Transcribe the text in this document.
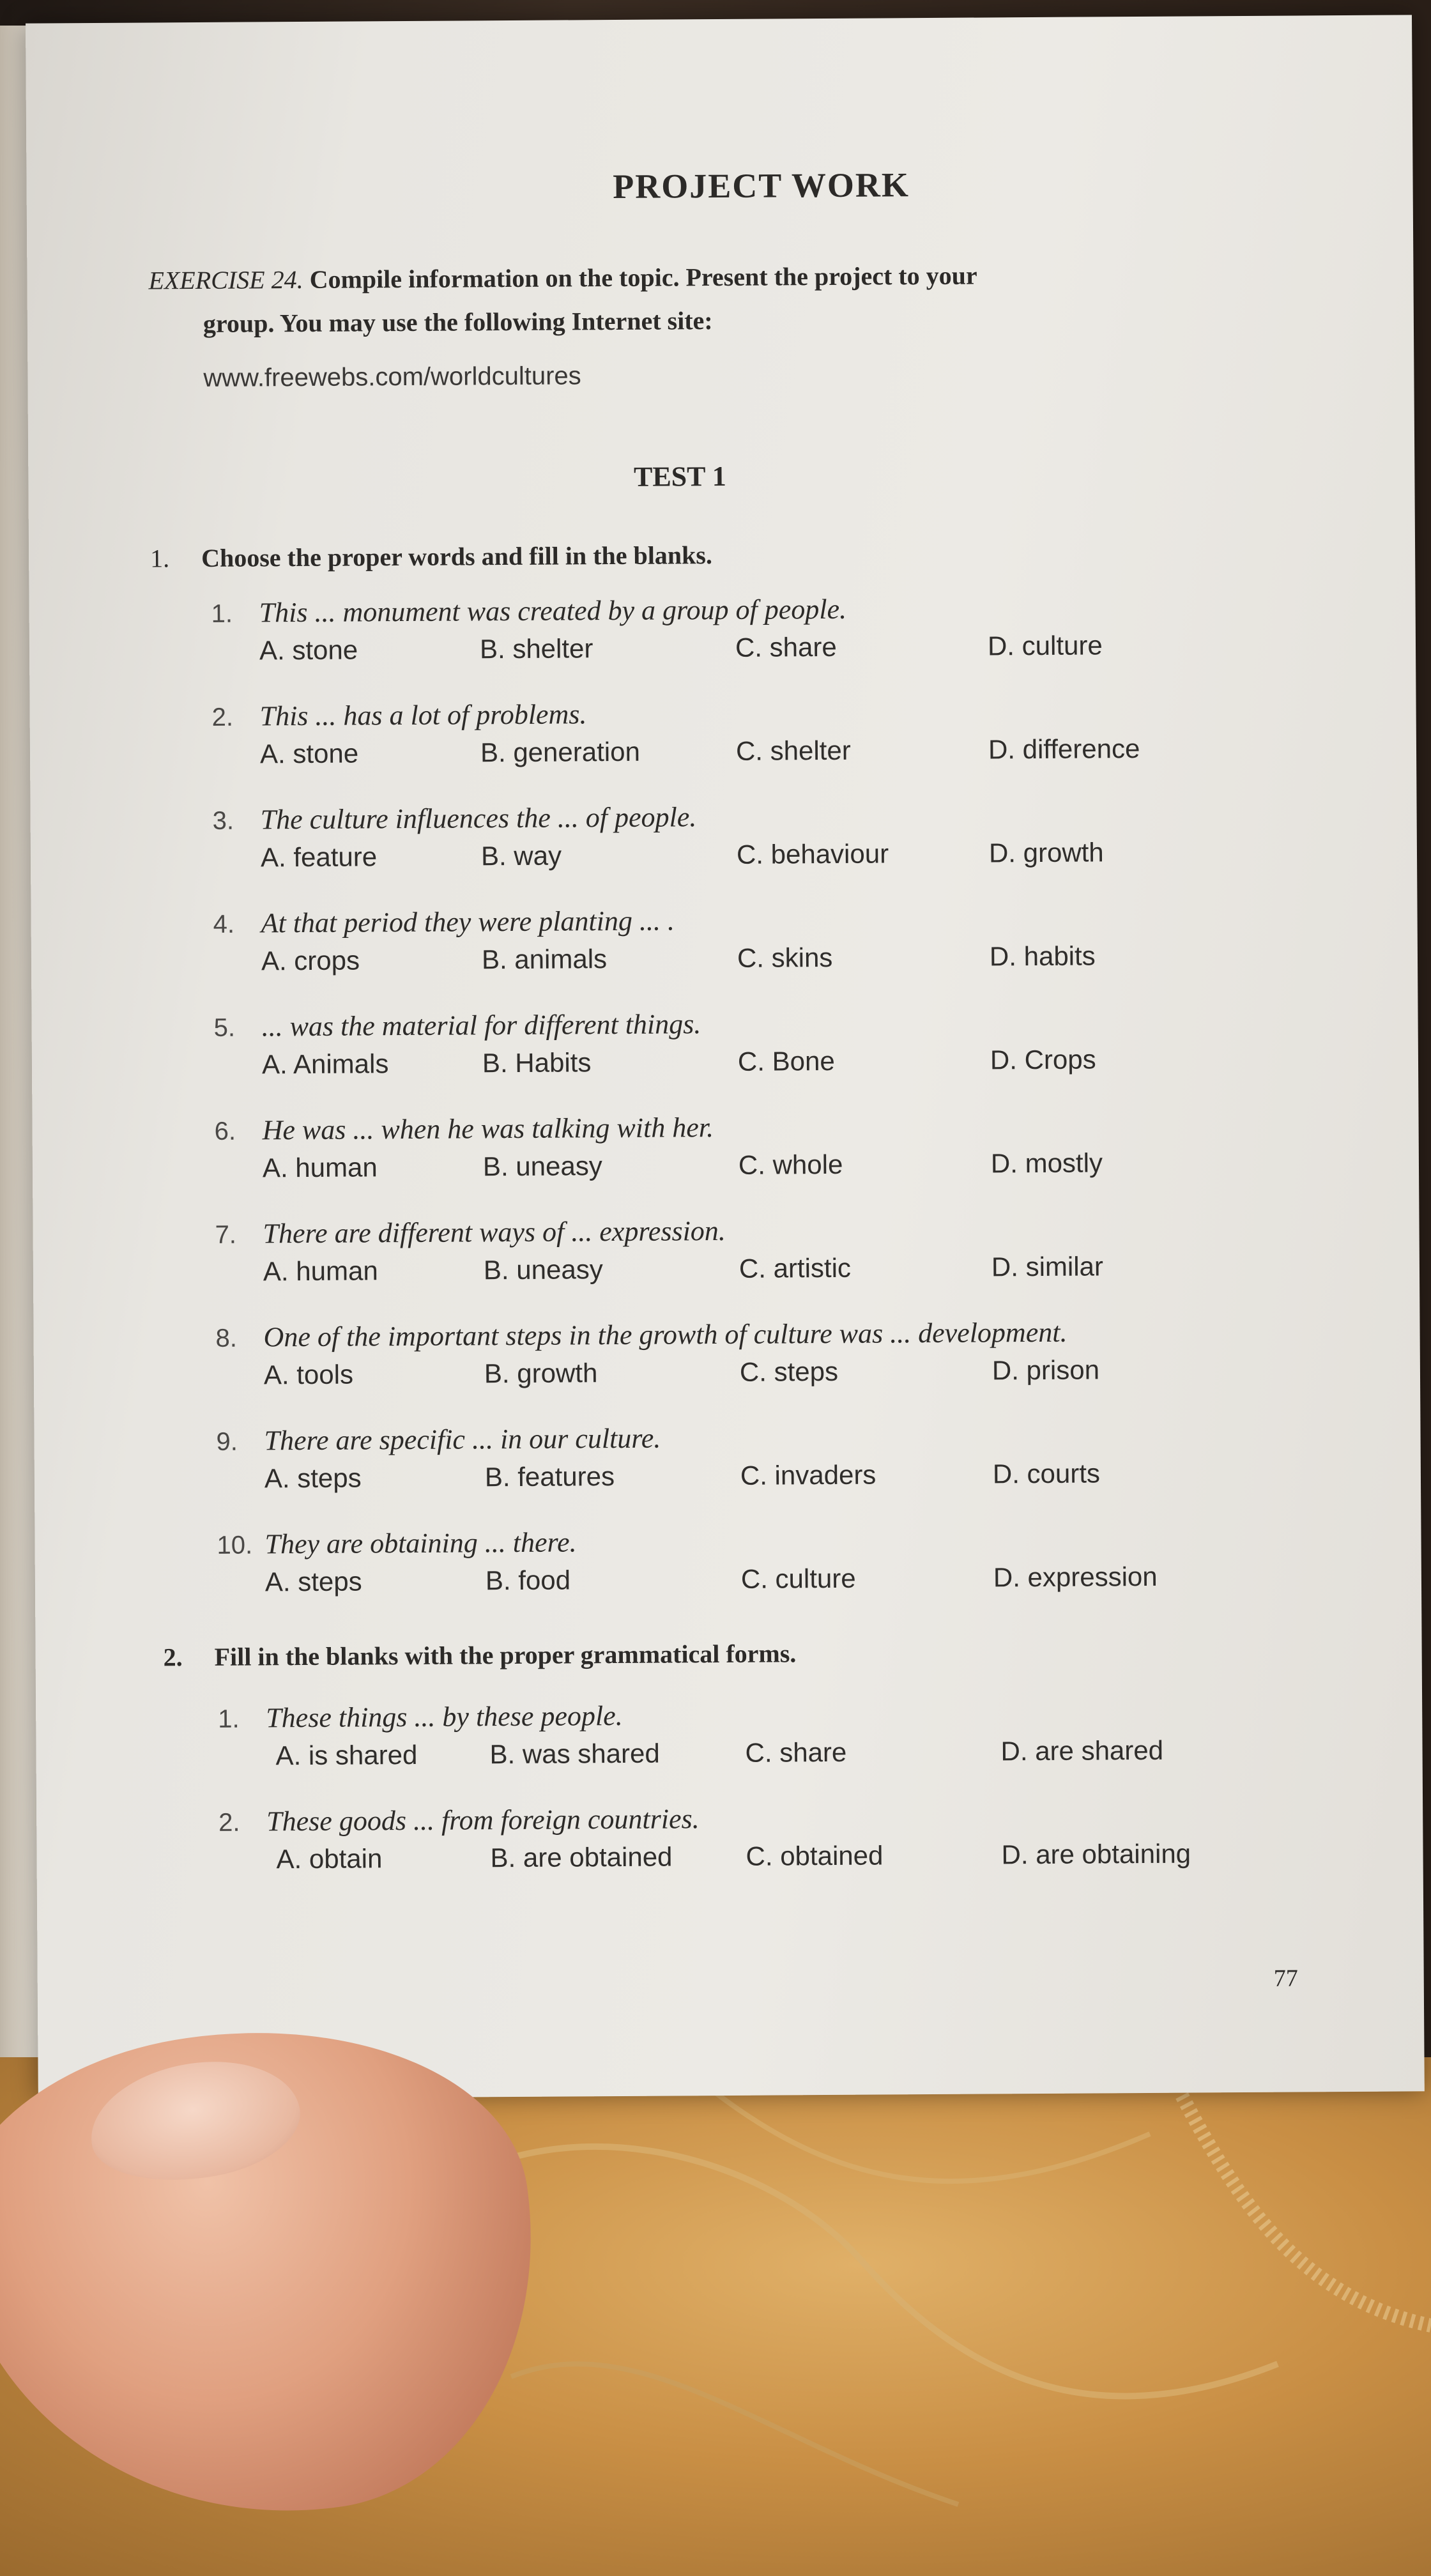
PROJECT WORK
EXERCISE 24. Compile information on the topic. Present the project to your
group. You may use the following Internet site:
www.freewebs.com/worldcultures
TEST 1
1. Choose the proper words and fill in the blanks.
1. This ... monument was created by a group of people.
A. stone	B. shelter	C. share	D. culture
2. This ... has a lot of problems.
A. stone	B. generation	C. shelter	D. difference
3. The culture influences the ... of people.
A. feature	B. way	C. behaviour	D. growth
4. At that period they were planting ... .
A. crops	B. animals	C. skins	D. habits
5. ... was the material for different things.
A. Animals	B. Habits	C. Bone	D. Crops
6. He was ... when he was talking with her.
A. human	B. uneasy	C. whole	D. mostly
7. There are different ways of ... expression.
A. human	B. uneasy	C. artistic	D. similar
8. One of the important steps in the growth of culture was ... development.
A. tools	B. growth	C. steps	D. prison
9. There are specific ... in our culture.
A. steps	B. features	C. invaders	D. courts
10. They are obtaining ... there.
A. steps	B. food	C. culture	D. expression
2. Fill in the blanks with the proper grammatical forms.
1. These things ... by these people.
A. is shared	B. was shared	C. share	D. are shared
2. These goods ... from foreign countries.
A. obtain	B. are obtained	C. obtained	D. are obtaining
77
